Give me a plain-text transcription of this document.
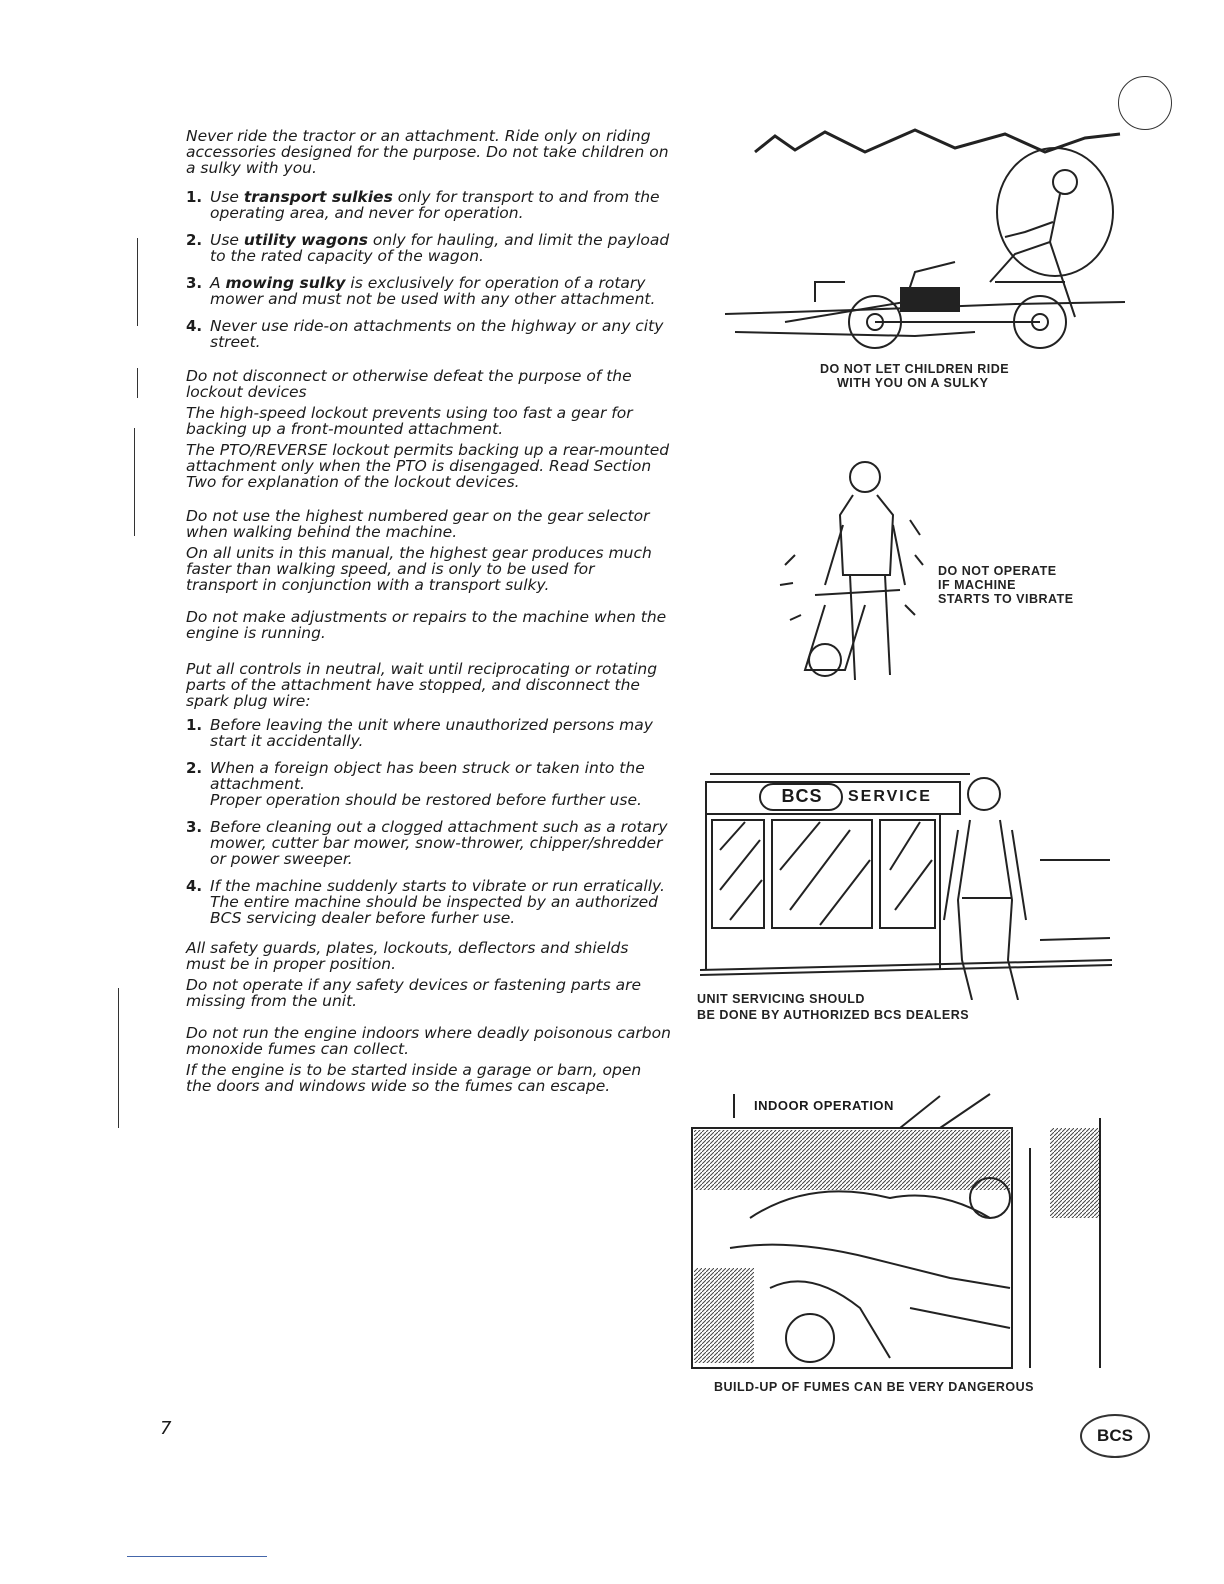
Never ride the tractor or an attachment. Ride only on riding accessories designed for the purpose. Do not take children on a sulky with you.

1. Use transport sulkies only for transport to and from the operating area, and never for operation.
2. Use utility wagons only for hauling, and limit the payload to the rated capacity of the wagon.
3. A mowing sulky is exclusively for operation of a rotary mower and must not be used with any other attachment.
4. Never use ride-on attachments on the highway or any city street.

Do not disconnect or otherwise defeat the purpose of the lockout devices

The high-speed lockout prevents using too fast a gear for backing up a front-mounted attachment.

The PTO/REVERSE lockout permits backing up a rear-mounted attachment only when the PTO is disengaged. Read Section Two for explanation of the lockout devices.

Do not use the highest numbered gear on the gear selector when walking behind the machine.

On all units in this manual, the highest gear produces much faster than walking speed, and is only to be used for transport in conjunction with a transport sulky.

Do not make adjustments or repairs to the machine when the engine is running.

Put all controls in neutral, wait until reciprocating or rotating parts of the attachment have stopped, and disconnect the spark plug wire:

1. Before leaving the unit where unauthorized persons may start it accidentally.
2. When a foreign object has been struck or taken into the attachment.
Proper operation should be restored before further use.
3. Before cleaning out a clogged attachment such as a rotary mower, cutter bar mower, snow-thrower, chipper/shredder or power sweeper.
4. If the machine suddenly starts to vibrate or run erratically.
The entire machine should be inspected by an authorized BCS servicing dealer before furher use.

All safety guards, plates, lockouts, deflectors and shields must be in proper position.

Do not operate if any safety devices or fastening parts are missing from the unit.

Do not run the engine indoors where deadly poisonous carbon monoxide fumes can collect.

If the engine is to be started inside a garage or barn, open the doors and windows wide so the fumes can escape.

DO NOT LET CHILDREN RIDE
WITH YOU ON A SULKY
DO NOT OPERATE
IF MACHINE
STARTS TO VIBRATE
BCS	SERVICE
UNIT SERVICING SHOULD
BE DONE BY AUTHORIZED BCS DEALERS
INDOOR OPERATION
BUILD-UP OF FUMES CAN BE VERY DANGEROUS
7	BCS
